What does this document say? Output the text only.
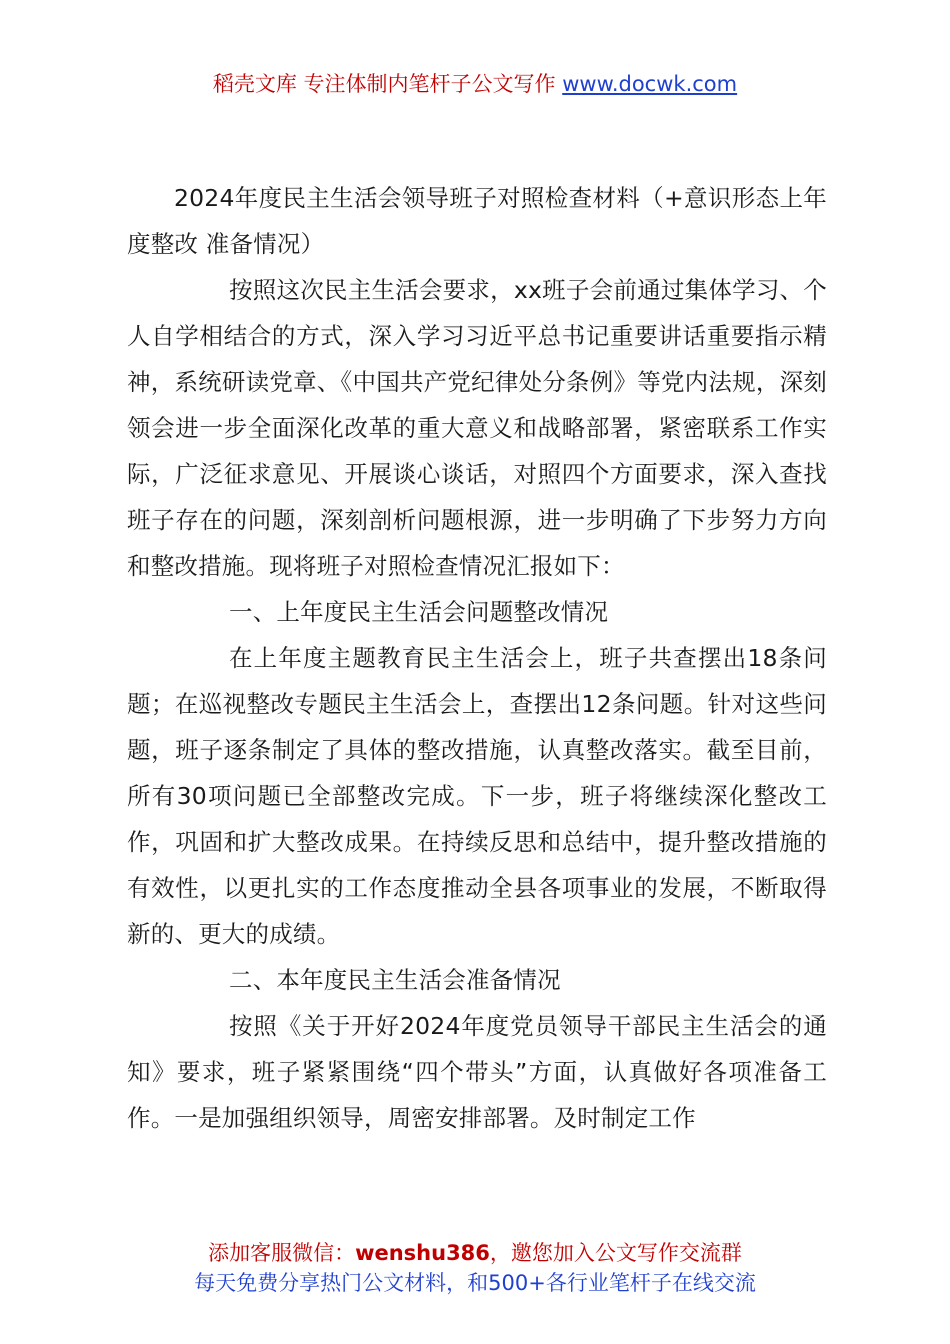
稻壳文库 专注体制内笔杆子公文写作 www.docwk.com

2024年度民主生活会领导班子对照检查材料（+意识形态上年度整改 准备情况）

按照这次民主生活会要求，xx班子会前通过集体学习、个人自学相结合的方式，深入学习习近平总书记重要讲话重要指示精神，系统研读党章、《中国共产党纪律处分条例》等党内法规，深刻领会进一步全面深化改革的重大意义和战略部署，紧密联系工作实际，广泛征求意见、开展谈心谈话，对照四个方面要求，深入查找班子存在的问题，深刻剖析问题根源，进一步明确了下步努力方向和整改措施。现将班子对照检查情况汇报如下：

一、上年度民主生活会问题整改情况

在上年度主题教育民主生活会上，班子共查摆出18条问题；在巡视整改专题民主生活会上，查摆出12条问题。针对这些问题，班子逐条制定了具体的整改措施，认真整改落实。截至目前，所有30项问题已全部整改完成。下一步，班子将继续深化整改工作，巩固和扩大整改成果。在持续反思和总结中，提升整改措施的有效性，以更扎实的工作态度推动全县各项事业的发展，不断取得新的、更大的成绩。

二、本年度民主生活会准备情况

按照《关于开好2024年度党员领导干部民主生活会的通知》要求，班子紧紧围绕“四个带头”方面，认真做好各项准备工作。一是加强组织领导，周密安排部署。及时制定工作

添加客服微信：wenshu386，邀您加入公文写作交流群
每天免费分享热门公文材料，和500+各行业笔杆子在线交流
